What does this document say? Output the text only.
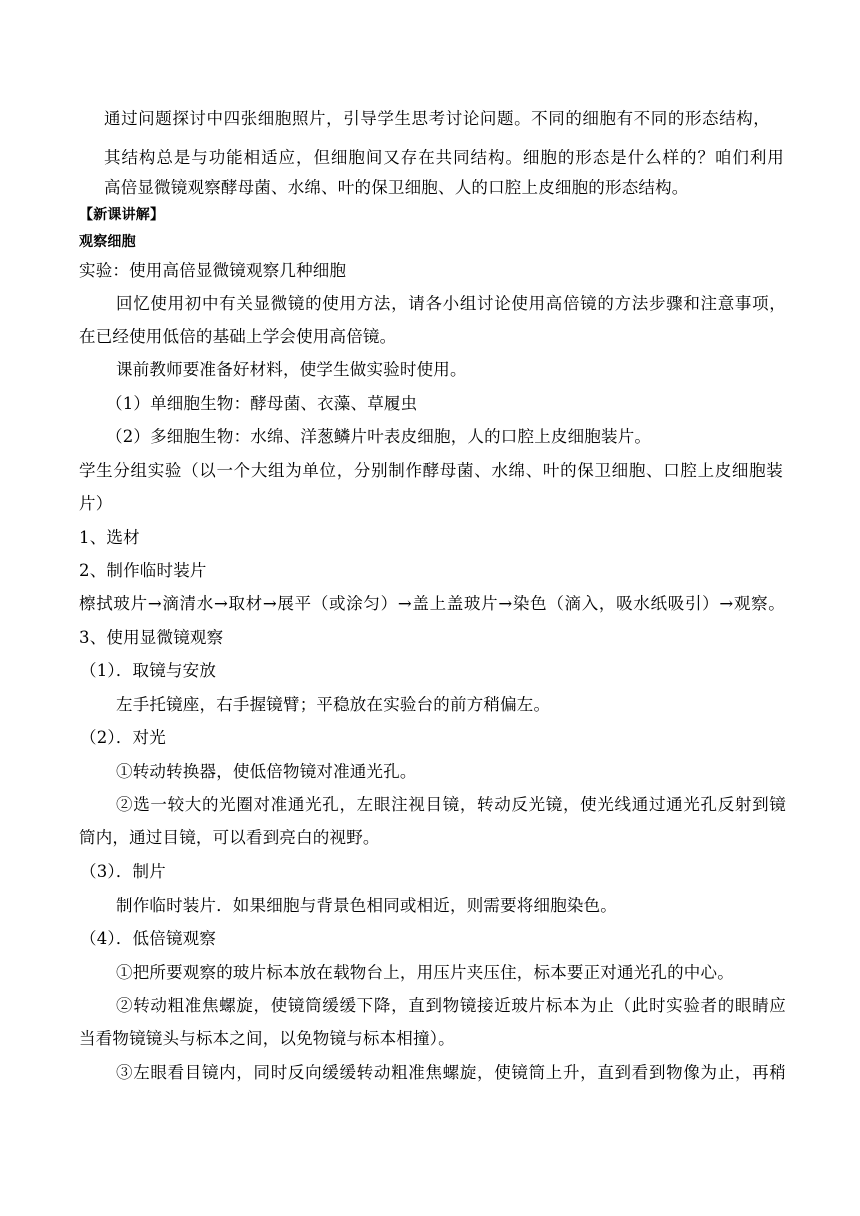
通过问题探讨中四张细胞照片，引导学生思考讨论问题。不同的细胞有不同的形态结构，
其结构总是与功能相适应，但细胞间又存在共同结构。细胞的形态是什么样的？咱们利用
高倍显微镜观察酵母菌、水绵、叶的保卫细胞、人的口腔上皮细胞的形态结构。
【新课讲解】
观察细胞
实验：使用高倍显微镜观察几种细胞
回忆使用初中有关显微镜的使用方法，请各小组讨论使用高倍镜的方法步骤和注意事项，
在已经使用低倍的基础上学会使用高倍镜。
课前教师要准备好材料，使学生做实验时使用。
（1）单细胞生物：酵母菌、衣藻、草履虫
（2）多细胞生物：水绵、洋葱鳞片叶表皮细胞，人的口腔上皮细胞装片。
学生分组实验（以一个大组为单位，分别制作酵母菌、水绵、叶的保卫细胞、口腔上皮细胞装
片）
1、选材
2、制作临时装片
檫拭玻片→滴清水→取材→展平（或涂匀）→盖上盖玻片→染色（滴入，吸水纸吸引）→观察。
3、使用显微镜观察
（1）．取镜与安放
左手托镜座，右手握镜臂；平稳放在实验台的前方稍偏左。
（2）．对光
①转动转换器，使低倍物镜对准通光孔。
②选一较大的光圈对准通光孔，左眼注视目镜，转动反光镜，使光线通过通光孔反射到镜
筒内，通过目镜，可以看到亮白的视野。
（3）．制片
制作临时装片．如果细胞与背景色相同或相近，则需要将细胞染色。
（4）．低倍镜观察
①把所要观察的玻片标本放在载物台上，用压片夹压住，标本要正对通光孔的中心。
②转动粗准焦螺旋，使镜筒缓缓下降，直到物镜接近玻片标本为止（此时实验者的眼睛应
当看物镜镜头与标本之间，以免物镜与标本相撞）。
③左眼看目镜内，同时反向缓缓转动粗准焦螺旋，使镜筒上升，直到看到物像为止，再稍
